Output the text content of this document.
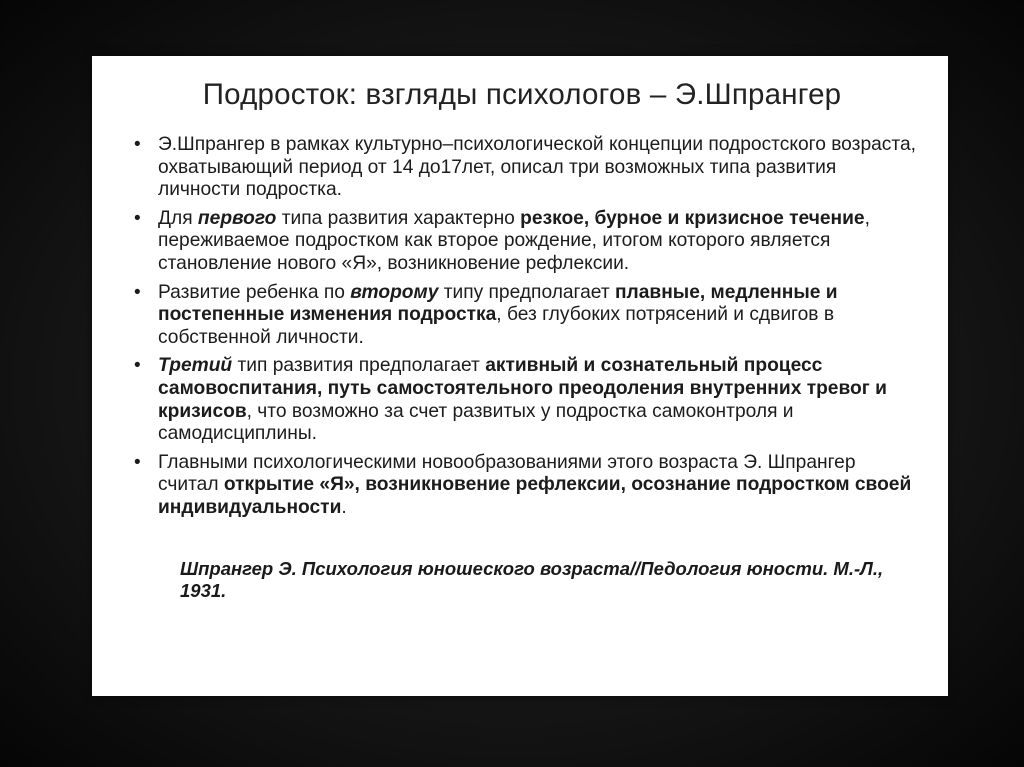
Подросток: взгляды психологов – Э.Шпрангер
• Э.Шпрангер в рамках культурно–психологической концепции подростского возраста, охватывающий период от 14 до17лет, описал три возможных типа развития личности подростка.
• Для первого типа развития характерно резкое, бурное и кризисное течение, переживаемое подростком как второе рождение, итогом которого является становление нового «Я», возникновение рефлексии.
• Развитие ребенка по второму типу предполагает плавные, медленные и постепенные изменения подростка, без глубоких потрясений и сдвигов в собственной личности.
• Третий тип развития предполагает активный и сознательный процесс самовоспитания, путь самостоятельного преодоления внутренних тревог и кризисов, что возможно за счет развитых у подростка самоконтроля и самодисциплины.
• Главными психологическими новообразованиями этого возраста Э. Шпрангер считал открытие «Я», возникновение рефлексии, осознание подростком своей индивидуальности.

Шпрангер Э. Психология юношеского возраста//Педология юности. М.-Л., 1931.
